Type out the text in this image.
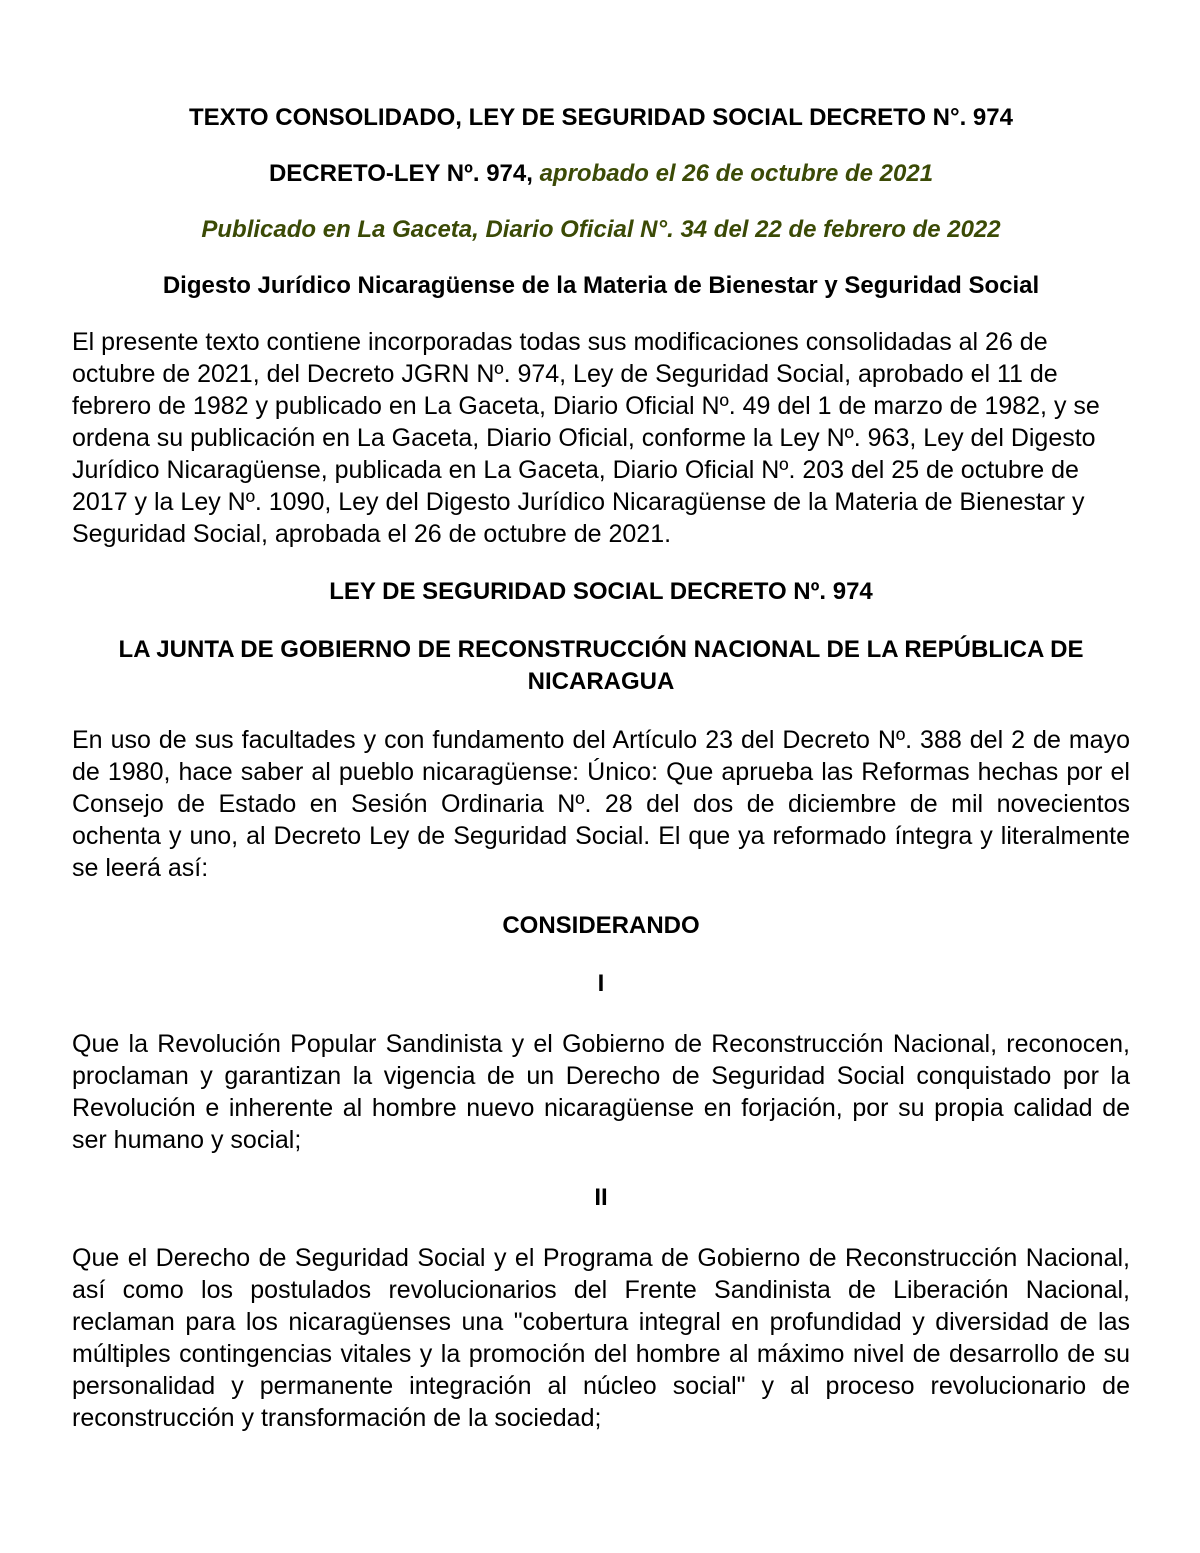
TEXTO CONSOLIDADO, LEY DE SEGURIDAD SOCIAL DECRETO N°. 974

DECRETO-LEY Nº. 974, aprobado el 26 de octubre de 2021

Publicado en La Gaceta, Diario Oficial N°. 34 del 22 de febrero de 2022

Digesto Jurídico Nicaragüense de la Materia de Bienestar y Seguridad Social

El presente texto contiene incorporadas todas sus modificaciones consolidadas al 26 de octubre de 2021, del Decreto JGRN Nº. 974, Ley de Seguridad Social, aprobado el 11 de febrero de 1982 y publicado en La Gaceta, Diario Oficial Nº. 49 del 1 de marzo de 1982, y se ordena su publicación en La Gaceta, Diario Oficial, conforme la Ley Nº. 963, Ley del Digesto Jurídico Nicaragüense, publicada en La Gaceta, Diario Oficial Nº. 203 del 25 de octubre de 2017 y la Ley Nº. 1090, Ley del Digesto Jurídico Nicaragüense de la Materia de Bienestar y Seguridad Social, aprobada el 26 de octubre de 2021.

LEY DE SEGURIDAD SOCIAL DECRETO Nº. 974

LA JUNTA DE GOBIERNO DE RECONSTRUCCIÓN NACIONAL DE LA REPÚBLICA DE NICARAGUA

En uso de sus facultades y con fundamento del Artículo 23 del Decreto Nº. 388 del 2 de mayo de 1980, hace saber al pueblo nicaragüense: Único: Que aprueba las Reformas hechas por el Consejo de Estado en Sesión Ordinaria Nº. 28 del dos de diciembre de mil novecientos ochenta y uno, al Decreto Ley de Seguridad Social. El que ya reformado íntegra y literalmente se leerá así:

CONSIDERANDO

I

Que la Revolución Popular Sandinista y el Gobierno de Reconstrucción Nacional, reconocen, proclaman y garantizan la vigencia de un Derecho de Seguridad Social conquistado por la Revolución e inherente al hombre nuevo nicaragüense en forjación, por su propia calidad de ser humano y social;

II

Que el Derecho de Seguridad Social y el Programa de Gobierno de Reconstrucción Nacional, así como los postulados revolucionarios del Frente Sandinista de Liberación Nacional, reclaman para los nicaragüenses una "cobertura integral en profundidad y diversidad de las múltiples contingencias vitales y la promoción del hombre al máximo nivel de desarrollo de su personalidad y permanente integración al núcleo social" y al proceso revolucionario de reconstrucción y transformación de la sociedad;
